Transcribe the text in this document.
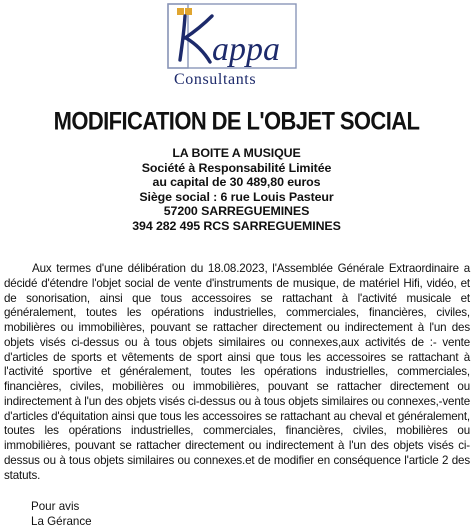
appa
Consultants
MODIFICATION DE L'OBJET SOCIAL
LA BOITE A MUSIQUE
Société à Responsabilité Limitée
au capital de 30 489,80 euros
Siège social : 6 rue Louis Pasteur
57200 SARREGUEMINES
394 282 495 RCS SARREGUEMINES

Aux termes d'une délibération du 18.08.2023, l'Assemblée Générale Extraordinaire a décidé d'étendre l'objet social de vente d'instruments de musique, de matériel Hifi, vidéo, et de sonorisation, ainsi que tous accessoires se rattachant à l'activité musicale et généralement, toutes les opérations industrielles, commerciales, financières, civiles, mobilières ou immobilières, pouvant se rattacher directement ou indirectement à l'un des objets visés ci-dessus ou à tous objets similaires ou connexes,aux activités de :- vente d'articles de sports et vêtements de sport ainsi que tous les accessoires se rattachant à l'activité sportive et généralement, toutes les opérations industrielles, commerciales, financières, civiles, mobilières ou immobilières, pouvant se rattacher directement ou indirectement à l'un des objets visés ci-dessus ou à tous objets similaires ou connexes,-vente d'articles d'équitation ainsi que tous les accessoires se rattachant au cheval et généralement, toutes les opérations industrielles, commerciales, financières, civiles, mobilières ou immobilières, pouvant se rattacher directement ou indirectement à l'un des objets visés ci-dessus ou à tous objets similaires ou connexes.et de modifier en conséquence l'article 2 des statuts.

Pour avis
La Gérance
